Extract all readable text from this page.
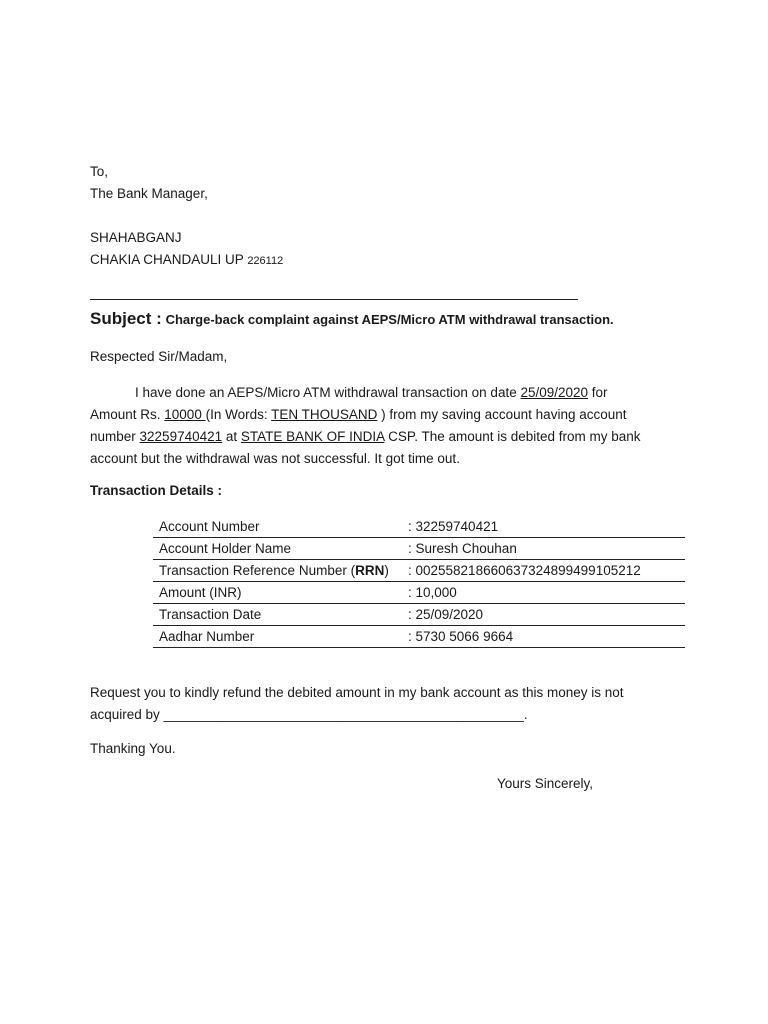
To,
The Bank Manager,
SHAHABGANJ
CHAKIA CHANDAULI UP 226112
Subject : Charge-back complaint against AEPS/Micro ATM withdrawal transaction.
Respected Sir/Madam,
I have done an AEPS/Micro ATM withdrawal transaction on date 25/09/2020 for
Amount Rs. 10000 (In Words: TEN THOUSAND ) from my saving account having account
number 32259740421 at STATE BANK OF INDIA CSP. The amount is debited from my bank
account but the withdrawal was not successful. It got time out.
Transaction Details :
Account Number	: 32259740421
Account Holder Name	: Suresh Chouhan
Transaction Reference Number (RRN)	: 002558218660637324899499105212
Amount (INR)	: 10,000
Transaction Date	: 25/09/2020
Aadhar Number	: 5730 5066 9664
Request you to kindly refund the debited amount in my bank account as this money is not
acquired by ________________________________________________.
Thanking You.
Yours Sincerely,
